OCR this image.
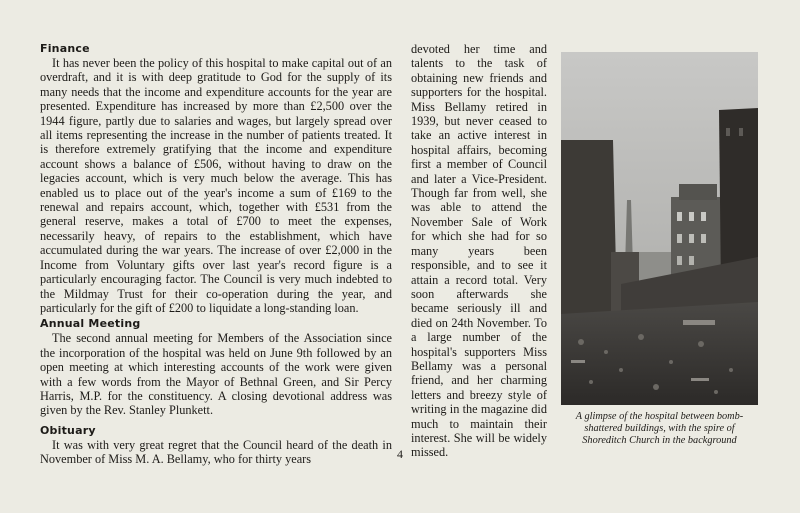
Finance

It has never been the policy of this hospital to make capital out of an overdraft, and it is with deep gratitude to God for the supply of its many needs that the income and expenditure accounts for the year are presented. Expenditure has increased by more than £2,500 over the 1944 figure, partly due to salaries and wages, but largely spread over all items representing the increase in the number of patients treated. It is therefore extremely gratifying that the income and expenditure account shows a balance of £506, without having to draw on the legacies account, which is very much below the average. This has enabled us to place out of the year's income a sum of £169 to the renewal and repairs account, which, together with £531 from the general reserve, makes a total of £700 to meet the expenses, necessarily heavy, of repairs to the establishment, which have accumulated during the war years. The increase of over £2,000 in the Income from Voluntary gifts over last year's record figure is a particularly encouraging factor. The Council is very much indebted to the Mildmay Trust for their co-operation during the year, and particularly for the gift of £200 to liquidate a long-standing loan.

Annual Meeting

The second annual meeting for Members of the Association since the incorporation of the hospital was held on June 9th followed by an open meeting at which interesting accounts of the work were given with a few words from the Mayor of Bethnal Green, and Sir Percy Harris, M.P. for the constituency. A closing devotional address was given by the Rev. Stanley Plunkett.

Obituary

It was with very great regret that the Council heard of the death in November of Miss M. A. Bellamy, who for thirty years

devoted her time and talents to the task of obtaining new friends and supporters for the hospital. Miss Bellamy retired in 1939, but never ceased to take an active interest in hospital affairs, becoming first a member of Council and later a Vice-President. Though far from well, she was able to attend the November Sale of Work for which she had for so many years been responsible, and to see it attain a record total. Very soon afterwards she became seriously ill and died on 24th November. To a large number of the hospital's supporters Miss Bellamy was a personal friend, and her charming letters and breezy style of writing in the magazine did much to maintain their interest. She will be widely missed.

A glimpse of the hospital between bomb-shattered buildings, with the spire of Shoreditch Church in the background
4
